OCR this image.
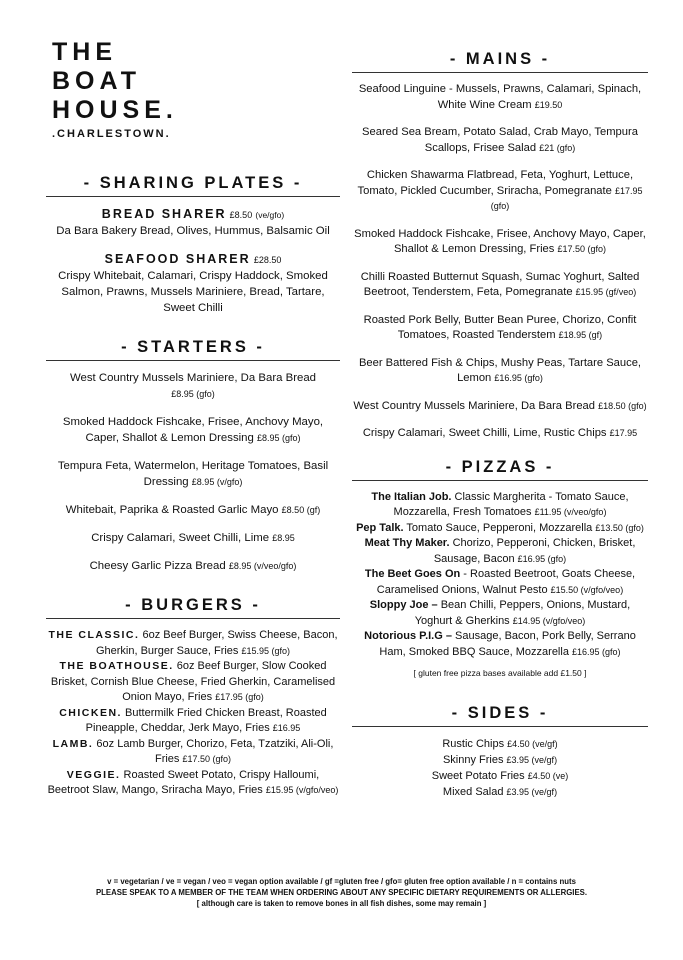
THE
BOAT
HOUSE.
.CHARLESTOWN.
- SHARING PLATES -
BREAD SHARER £8.50 (ve/gfo)
Da Bara Bakery Bread, Olives, Hummus, Balsamic Oil
SEAFOOD SHARER £28.50
Crispy Whitebait, Calamari, Crispy Haddock, Smoked Salmon, Prawns, Mussels Mariniere, Bread, Tartare, Sweet Chilli
- STARTERS -
West Country Mussels Mariniere, Da Bara Bread
£8.95 (gfo)
Smoked Haddock Fishcake, Frisee, Anchovy Mayo, Caper, Shallot & Lemon Dressing £8.95 (gfo)
Tempura Feta, Watermelon, Heritage Tomatoes, Basil Dressing £8.95 (v/gfo)
Whitebait, Paprika & Roasted Garlic Mayo £8.50 (gf)
Crispy Calamari, Sweet Chilli, Lime £8.95
Cheesy Garlic Pizza Bread £8.95 (v/veo/gfo)
- BURGERS -
THE CLASSIC. 6oz Beef Burger, Swiss Cheese, Bacon, Gherkin, Burger Sauce, Fries £15.95 (gfo)
THE BOATHOUSE. 6oz Beef Burger, Slow Cooked Brisket, Cornish Blue Cheese, Fried Gherkin, Caramelised Onion Mayo, Fries £17.95 (gfo)
CHICKEN. Buttermilk Fried Chicken Breast, Roasted Pineapple, Cheddar, Jerk Mayo, Fries £16.95
LAMB. 6oz Lamb Burger, Chorizo, Feta, Tzatziki, Ali-Oli, Fries £17.50 (gfo)
VEGGIE. Roasted Sweet Potato, Crispy Halloumi, Beetroot Slaw, Mango, Sriracha Mayo, Fries £15.95 (v/gfo/veo)
- MAINS -
Seafood Linguine - Mussels, Prawns, Calamari, Spinach, White Wine Cream £19.50
Seared Sea Bream, Potato Salad, Crab Mayo, Tempura Scallops, Frisee Salad £21 (gfo)
Chicken Shawarma Flatbread, Feta, Yoghurt, Lettuce, Tomato, Pickled Cucumber, Sriracha, Pomegranate £17.95 (gfo)
Smoked Haddock Fishcake, Frisee, Anchovy Mayo, Caper, Shallot & Lemon Dressing, Fries £17.50 (gfo)
Chilli Roasted Butternut Squash, Sumac Yoghurt, Salted Beetroot, Tenderstem, Feta, Pomegranate £15.95 (gf/veo)
Roasted Pork Belly, Butter Bean Puree, Chorizo, Confit Tomatoes, Roasted Tenderstem £18.95 (gf)
Beer Battered Fish & Chips, Mushy Peas, Tartare Sauce, Lemon £16.95 (gfo)
West Country Mussels Mariniere, Da Bara Bread £18.50 (gfo)
Crispy Calamari, Sweet Chilli, Lime, Rustic Chips £17.95
- PIZZAS -
The Italian Job. Classic Margherita - Tomato Sauce, Mozzarella, Fresh Tomatoes £11.95 (v/veo/gfo)
Pep Talk. Tomato Sauce, Pepperoni, Mozzarella £13.50 (gfo)
Meat Thy Maker. Chorizo, Pepperoni, Chicken, Brisket, Sausage, Bacon £16.95 (gfo)
The Beet Goes On - Roasted Beetroot, Goats Cheese, Caramelised Onions, Walnut Pesto £15.50 (v/gfo/veo)
Sloppy Joe – Bean Chilli, Peppers, Onions, Mustard, Yoghurt & Gherkins £14.95 (v/gfo/veo)
Notorious P.I.G – Sausage, Bacon, Pork Belly, Serrano Ham, Smoked BBQ Sauce, Mozzarella £16.95 (gfo)
[ gluten free pizza bases available add £1.50 ]
- SIDES -
Rustic Chips £4.50 (ve/gf)
Skinny Fries £3.95 (ve/gf)
Sweet Potato Fries £4.50 (ve)
Mixed Salad £3.95 (ve/gf)
v = vegetarian / ve = vegan / veo = vegan option available / gf =gluten free / gfo= gluten free option available / n = contains nuts
PLEASE SPEAK TO A MEMBER OF THE TEAM WHEN ORDERING ABOUT ANY SPECIFIC DIETARY REQUIREMENTS OR ALLERGIES.
[ although care is taken to remove bones in all fish dishes, some may remain ]
